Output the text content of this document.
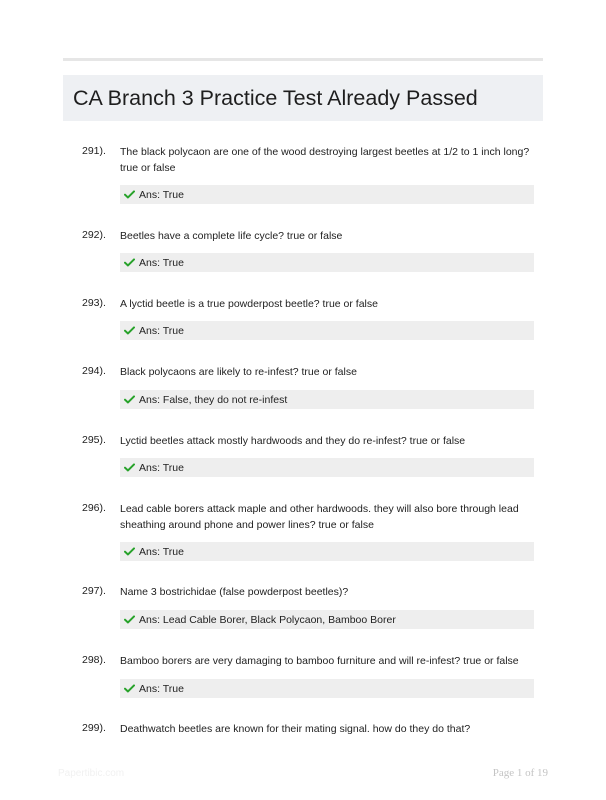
CA Branch 3 Practice Test Already Passed
291). The black polycaon are one of the wood destroying largest beetles at 1/2 to 1 inch long? true or false
Ans: True
292). Beetles have a complete life cycle? true or false
Ans: True
293). A lyctid beetle is a true powderpost beetle? true or false
Ans: True
294). Black polycaons are likely to re-infest? true or false
Ans: False, they do not re-infest
295). Lyctid beetles attack mostly hardwoods and they do re-infest? true or false
Ans: True
296). Lead cable borers attack maple and other hardwoods. they will also bore through lead sheathing around phone and power lines? true or false
Ans: True
297). Name 3 bostrichidae (false powderpost beetles)?
Ans: Lead Cable Borer, Black Polycaon, Bamboo Borer
298). Bamboo borers are very damaging to bamboo furniture and will re-infest? true or false
Ans: True
299). Deathwatch beetles are known for their mating signal. how do they do that?
Papertibic.com	Page 1 of 19
